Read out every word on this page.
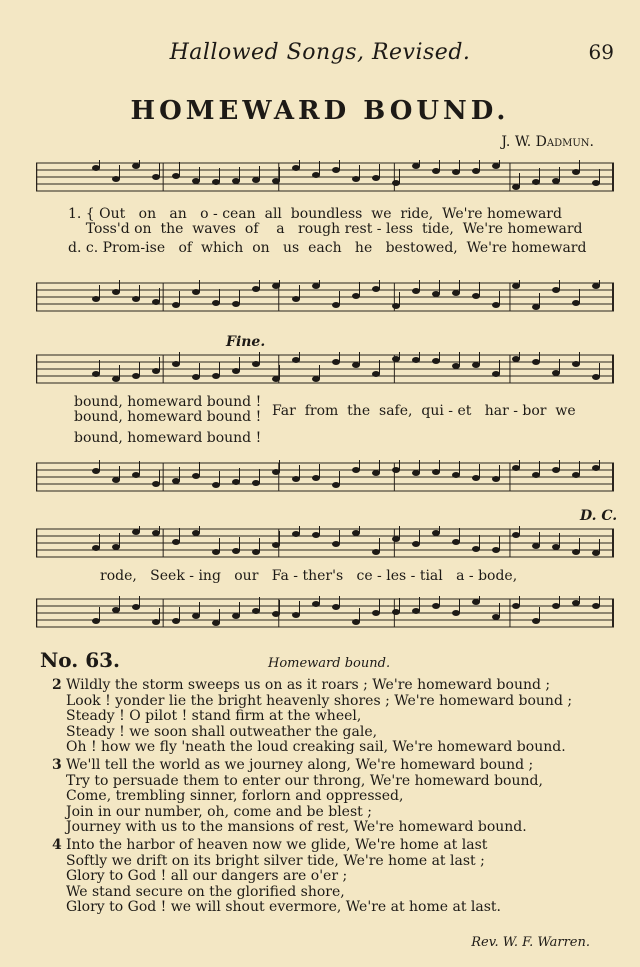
Hallowed Songs, Revised.	69
HOMEWARD BOUND.
J. W. Dadmun.
1. { Out   on   an   o - cean  all  boundless  we  ride,  We're homeward
Toss'd on  the  waves  of    a   rough rest - less  tide,  We're homeward
d. c. Prom-ise   of  which  on   us  each   he   bestowed,  We're homeward
Fine.
bound, homeward bound !
bound, homeward bound !
bound, homeward bound !
Far  from  the  safe,  qui - et   har - bor  we
D. C.
rode,   Seek - ing   our   Fa - ther's   ce - les - tial   a - bode,
No. 63.	Homeward bound.
2 Wildly the storm sweeps us on as it roars ; We're homeward bound ;
Look ! yonder lie the bright heavenly shores ; We're homeward bound ;
Steady ! O pilot ! stand firm at the wheel,
Steady ! we soon shall outweather the gale,
Oh ! how we fly 'neath the loud creaking sail, We're homeward bound.
3 We'll tell the world as we journey along, We're homeward bound ;
Try to persuade them to enter our throng, We're homeward bound,
Come, trembling sinner, forlorn and oppressed,
Join in our number, oh, come and be blest ;
Journey with us to the mansions of rest, We're homeward bound.
4 Into the harbor of heaven now we glide, We're home at last
Softly we drift on its bright silver tide, We're home at last ;
Glory to God ! all our dangers are o'er ;
We stand secure on the glorified shore,
Glory to God ! we will shout evermore, We're at home at last.
Rev. W. F. Warren.
